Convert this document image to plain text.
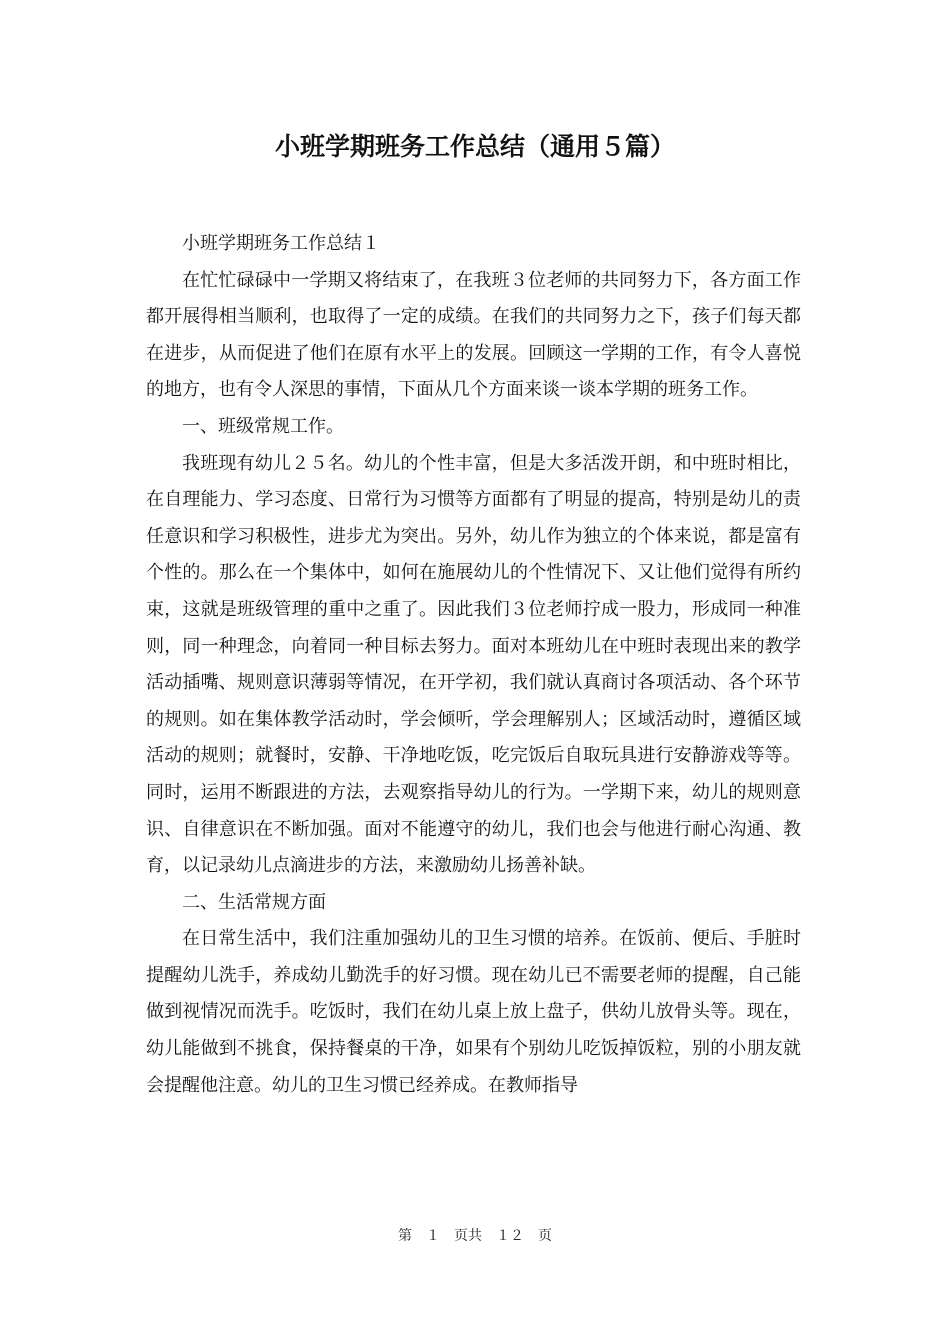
小班学期班务工作总结（通用５篇）

小班学期班务工作总结１

在忙忙碌碌中一学期又将结束了，在我班３位老师的共同努力下，各方面工作都开展得相当顺利，也取得了一定的成绩。在我们的共同努力之下，孩子们每天都在进步，从而促进了他们在原有水平上的发展。回顾这一学期的工作，有令人喜悦的地方，也有令人深思的事情，下面从几个方面来谈一谈本学期的班务工作。

一、班级常规工作。

我班现有幼儿２５名。幼儿的个性丰富，但是大多活泼开朗，和中班时相比，在自理能力、学习态度、日常行为习惯等方面都有了明显的提高，特别是幼儿的责任意识和学习积极性，进步尤为突出。另外，幼儿作为独立的个体来说，都是富有个性的。那么在一个集体中，如何在施展幼儿的个性情况下、又让他们觉得有所约束，这就是班级管理的重中之重了。因此我们３位老师拧成一股力，形成同一种准则，同一种理念，向着同一种目标去努力。面对本班幼儿在中班时表现出来的教学活动插嘴、规则意识薄弱等情况，在开学初，我们就认真商讨各项活动、各个环节的规则。如在集体教学活动时，学会倾听，学会理解别人；区域活动时，遵循区域活动的规则；就餐时，安静、干净地吃饭，吃完饭后自取玩具进行安静游戏等等。同时，运用不断跟进的方法，去观察指导幼儿的行为。一学期下来，幼儿的规则意识、自律意识在不断加强。面对不能遵守的幼儿，我们也会与他进行耐心沟通、教育，以记录幼儿点滴进步的方法，来激励幼儿扬善补缺。

二、生活常规方面

在日常生活中，我们注重加强幼儿的卫生习惯的培养。在饭前、便后、手脏时提醒幼儿洗手，养成幼儿勤洗手的好习惯。现在幼儿已不需要老师的提醒，自己能做到视情况而洗手。吃饭时，我们在幼儿桌上放上盘子，供幼儿放骨头等。现在，幼儿能做到不挑食，保持餐桌的干净，如果有个别幼儿吃饭掉饭粒，别的小朋友就会提醒他注意。幼儿的卫生习惯已经养成。在教师指导

第　１　页共　１２　页
